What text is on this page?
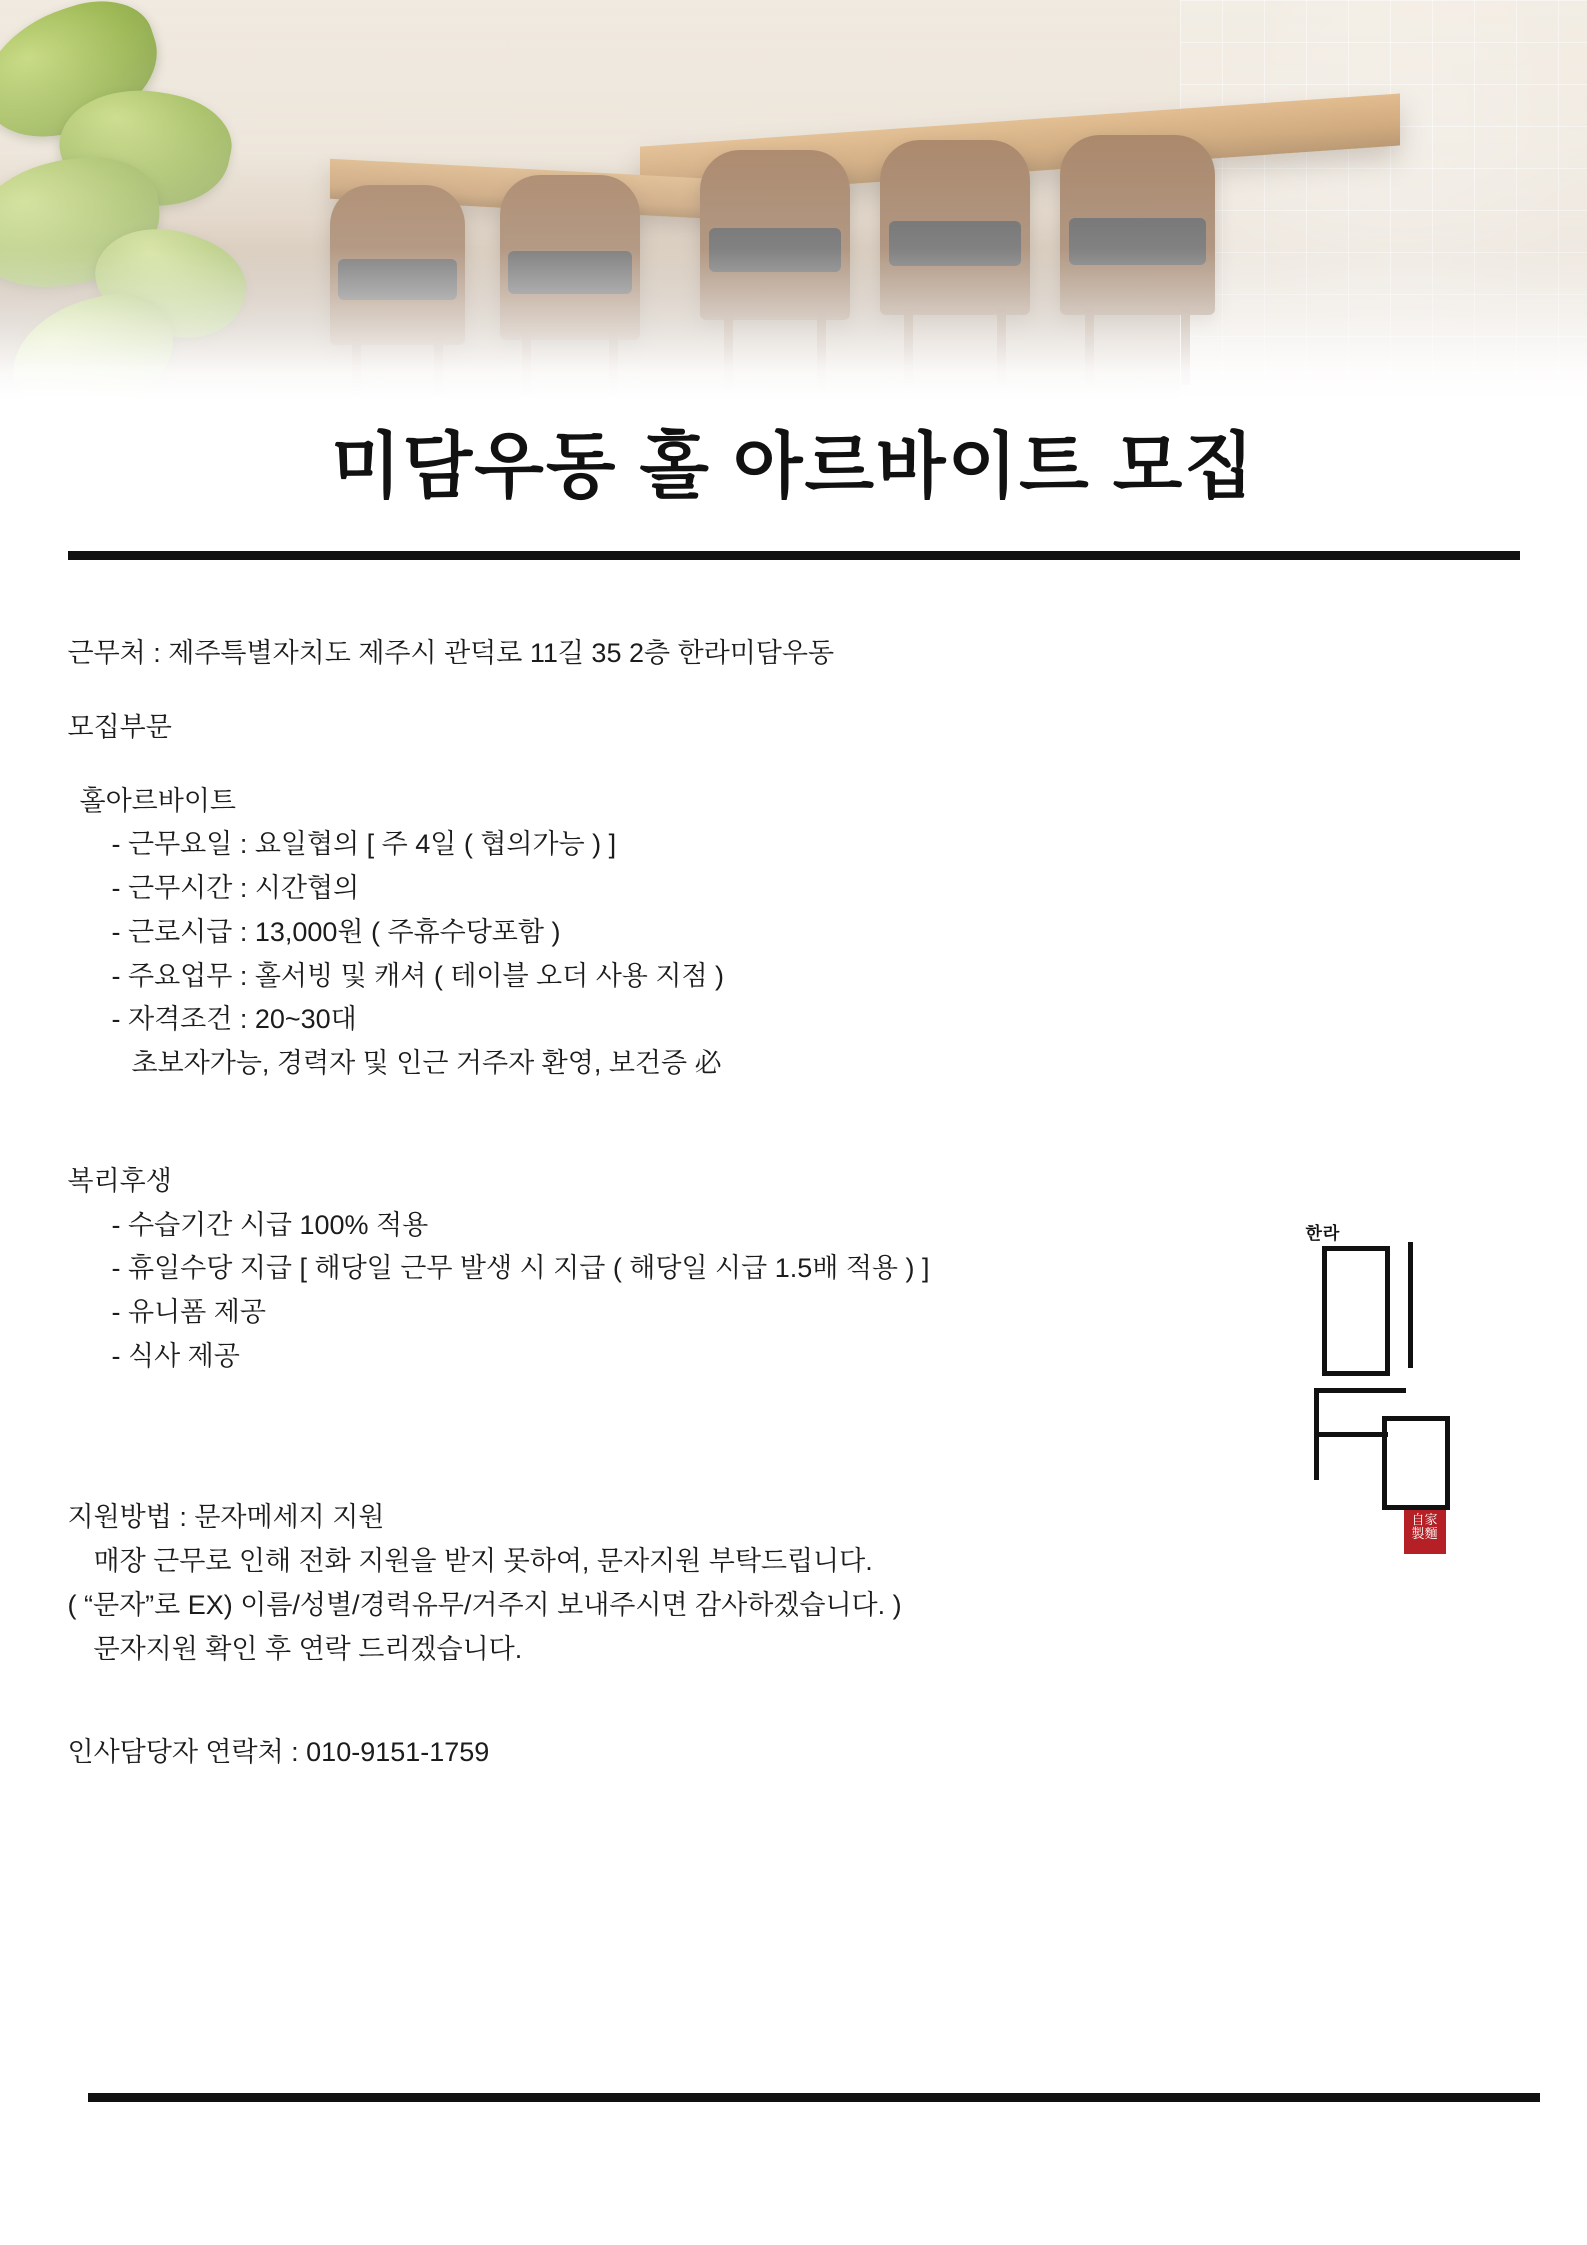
미담우동 홀 아르바이트 모집
근무처 : 제주특별자치도 제주시 관덕로 11길 35 2층 한라미담우동
모집부문
홀아르바이트
- 근무요일 : 요일협의 [ 주 4일 ( 협의가능 ) ]
- 근무시간 : 시간협의
- 근로시급 : 13,000원 ( 주휴수당포함 )
- 주요업무 : 홀서빙 및 캐셔 ( 테이블 오더 사용 지점 )
- 자격조건 : 20~30대
초보자가능, 경력자 및 인근 거주자 환영, 보건증 必
복리후생
- 수습기간 시급 100% 적용
- 휴일수당 지급 [ 해당일 근무 발생 시 지급 ( 해당일 시급 1.5배 적용 ) ]
- 유니폼 제공
- 식사 제공
지원방법 : 문자메세지 지원
매장 근무로 인해 전화 지원을 받지 못하여, 문자지원 부탁드립니다.
( “문자”로 EX) 이름/성별/경력유무/거주지 보내주시면 감사하겠습니다. )
문자지원 확인 후 연락 드리겠습니다.
인사담당자 연락처 : 010-9151-1759
한라
自家
製麵
